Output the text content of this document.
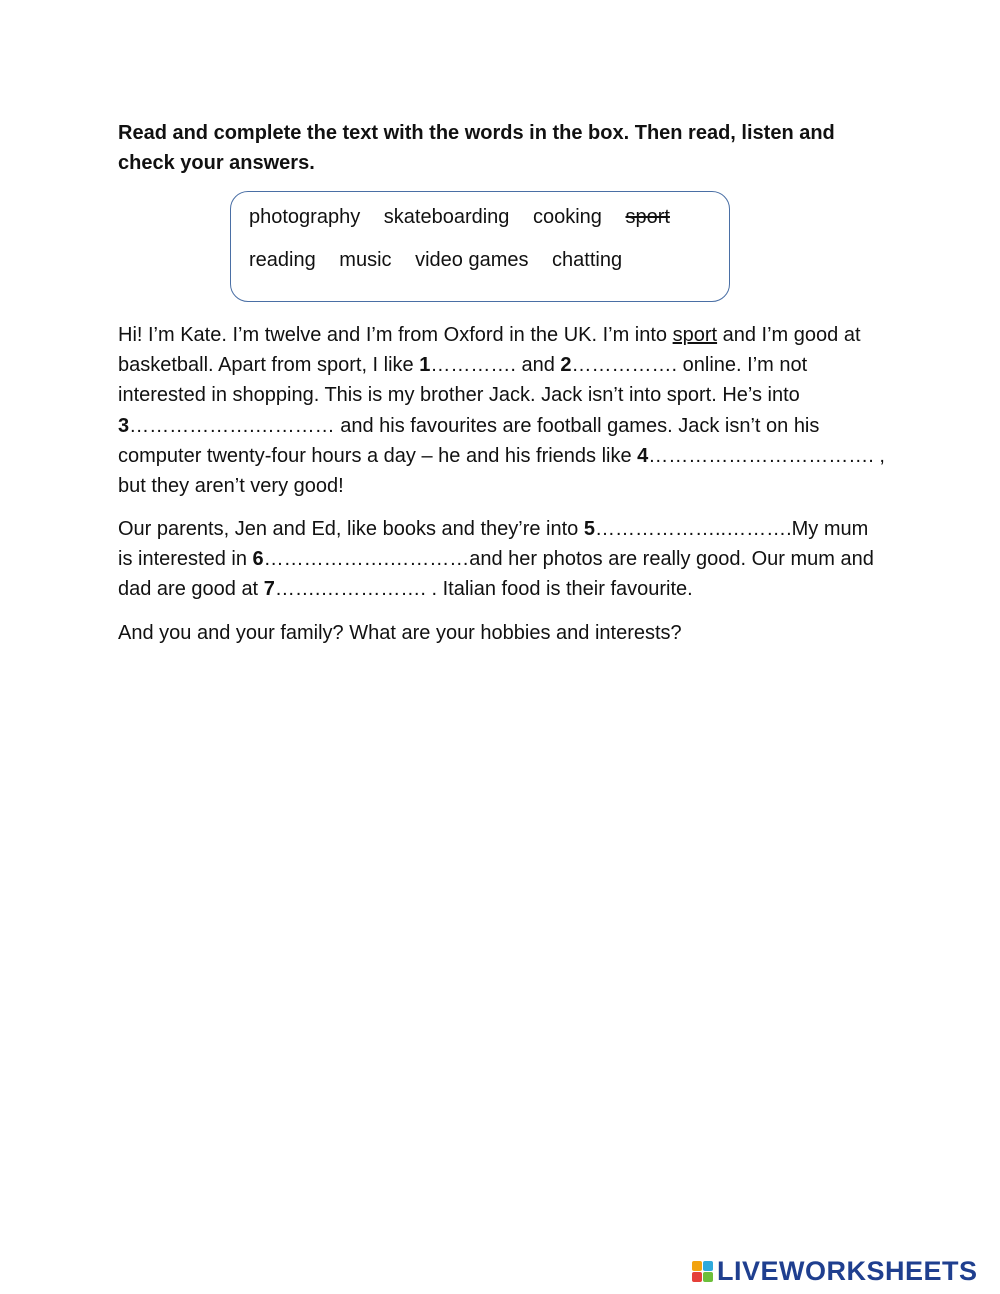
Read and complete the text with the words in the box. Then read, listen and check your answers.

photography skateboarding cooking sport
reading music video games chatting

Hi! I’m Kate. I’m twelve and I’m from Oxford in the UK. I’m into sport and I’m good at basketball. Apart from sport, I like 1…………. and 2……………. online. I’m not interested in shopping. This is my brother Jack. Jack isn’t into sport. He’s into 3……………….………… and his favourites are football games. Jack isn’t on his computer twenty-four hours a day – he and his friends like 4……………………………. , but they aren’t very good!

Our parents, Jen and Ed, like books and they’re into 5………………..……….My mum is interested in 6……………….…………and her photos are really good. Our mum and dad are good at 7…….……………. . Italian food is their favourite.

And you and your family? What are your hobbies and interests?

LIVEWORKSHEETS
